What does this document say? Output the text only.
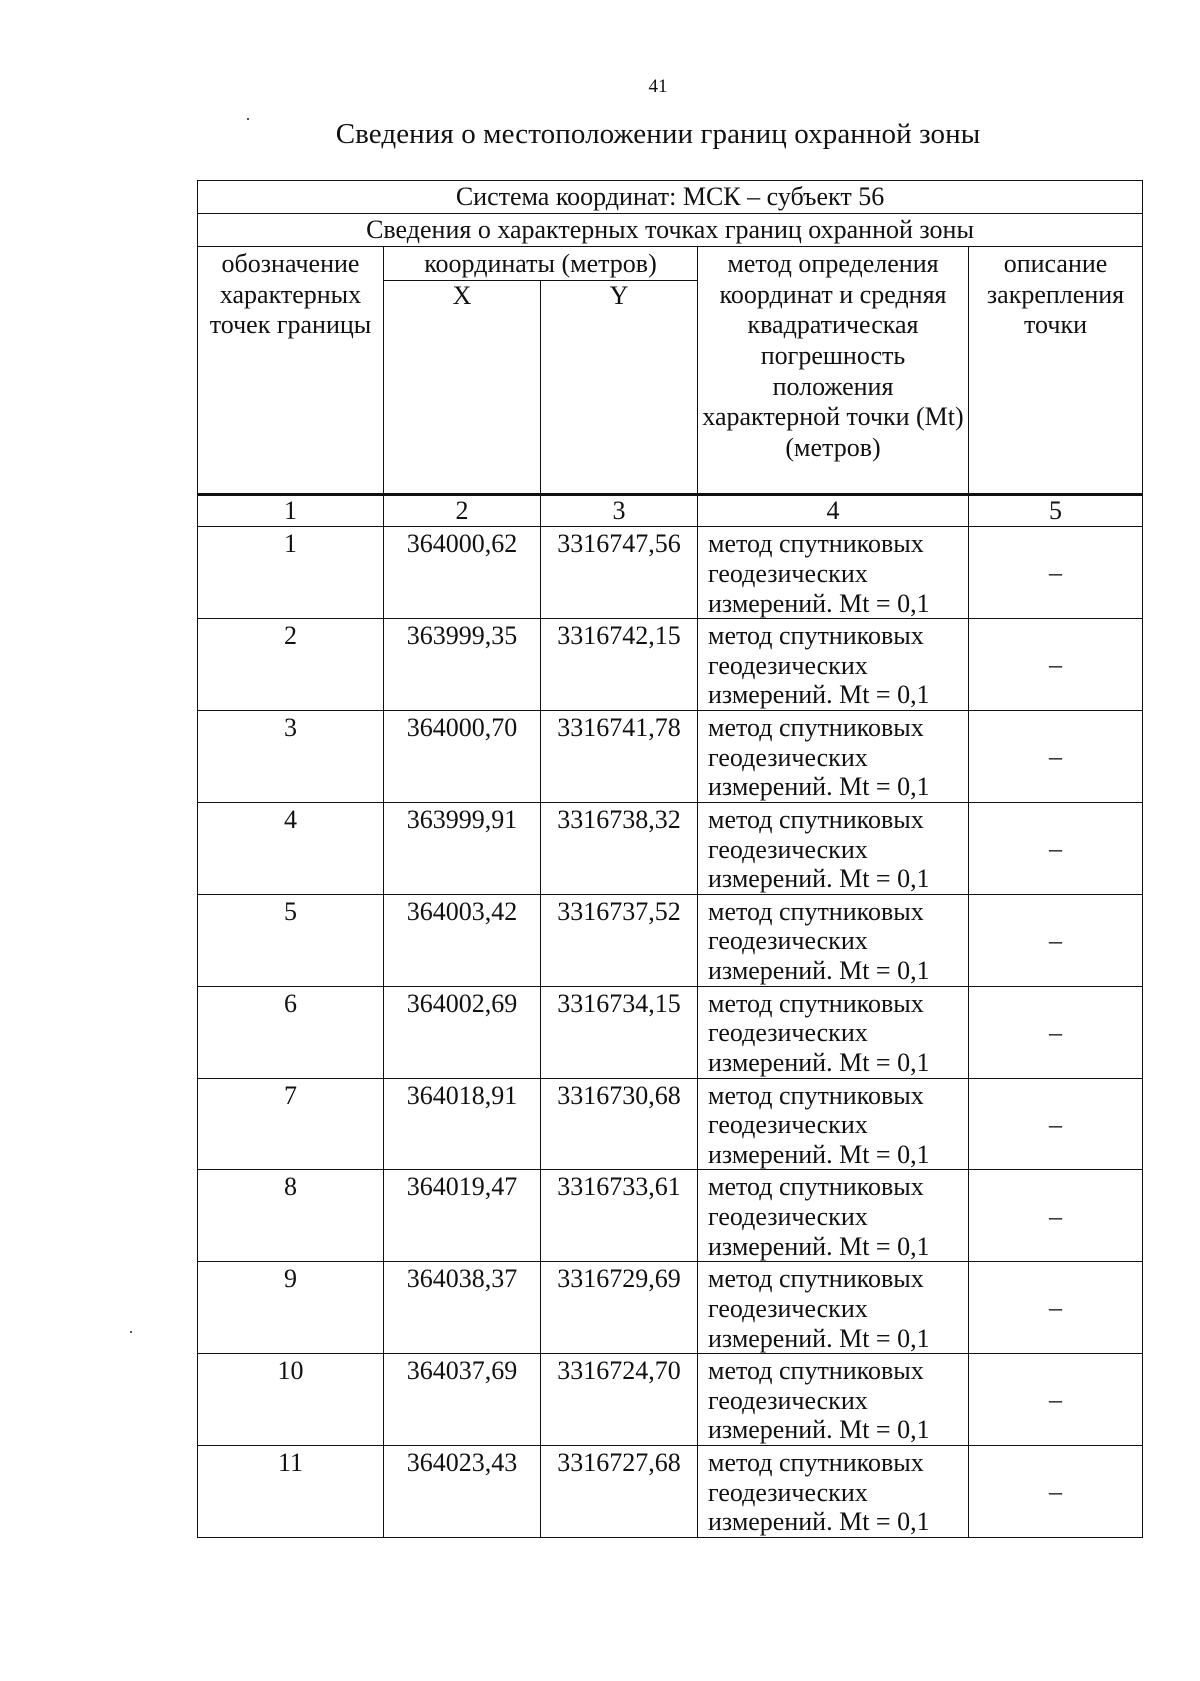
41
Сведения о местоположении границ охранной зоны
Система координат: МСК – субъект 56				
Сведения о характерных точках границ охранной зоны				
обозначение характерных точек границы	координаты (метров)		метод определения координат и средняя квадратическая погрешность положения характерной точки (Mt) (метров)	описание закрепления точки
	X	Y		
1	2	3	4	5
1	364000,62	3316747,56	метод спутниковых геодезических измерений. Mt = 0,1	–
2	363999,35	3316742,15	метод спутниковых геодезических измерений. Mt = 0,1	–
3	364000,70	3316741,78	метод спутниковых геодезических измерений. Mt = 0,1	–
4	363999,91	3316738,32	метод спутниковых геодезических измерений. Mt = 0,1	–
5	364003,42	3316737,52	метод спутниковых геодезических измерений. Mt = 0,1	–
6	364002,69	3316734,15	метод спутниковых геодезических измерений. Mt = 0,1	–
7	364018,91	3316730,68	метод спутниковых геодезических измерений. Mt = 0,1	–
8	364019,47	3316733,61	метод спутниковых геодезических измерений. Mt = 0,1	–
9	364038,37	3316729,69	метод спутниковых геодезических измерений. Mt = 0,1	–
10	364037,69	3316724,70	метод спутниковых геодезических измерений. Mt = 0,1	–
11	364023,43	3316727,68	метод спутниковых геодезических измерений. Mt = 0,1	–
